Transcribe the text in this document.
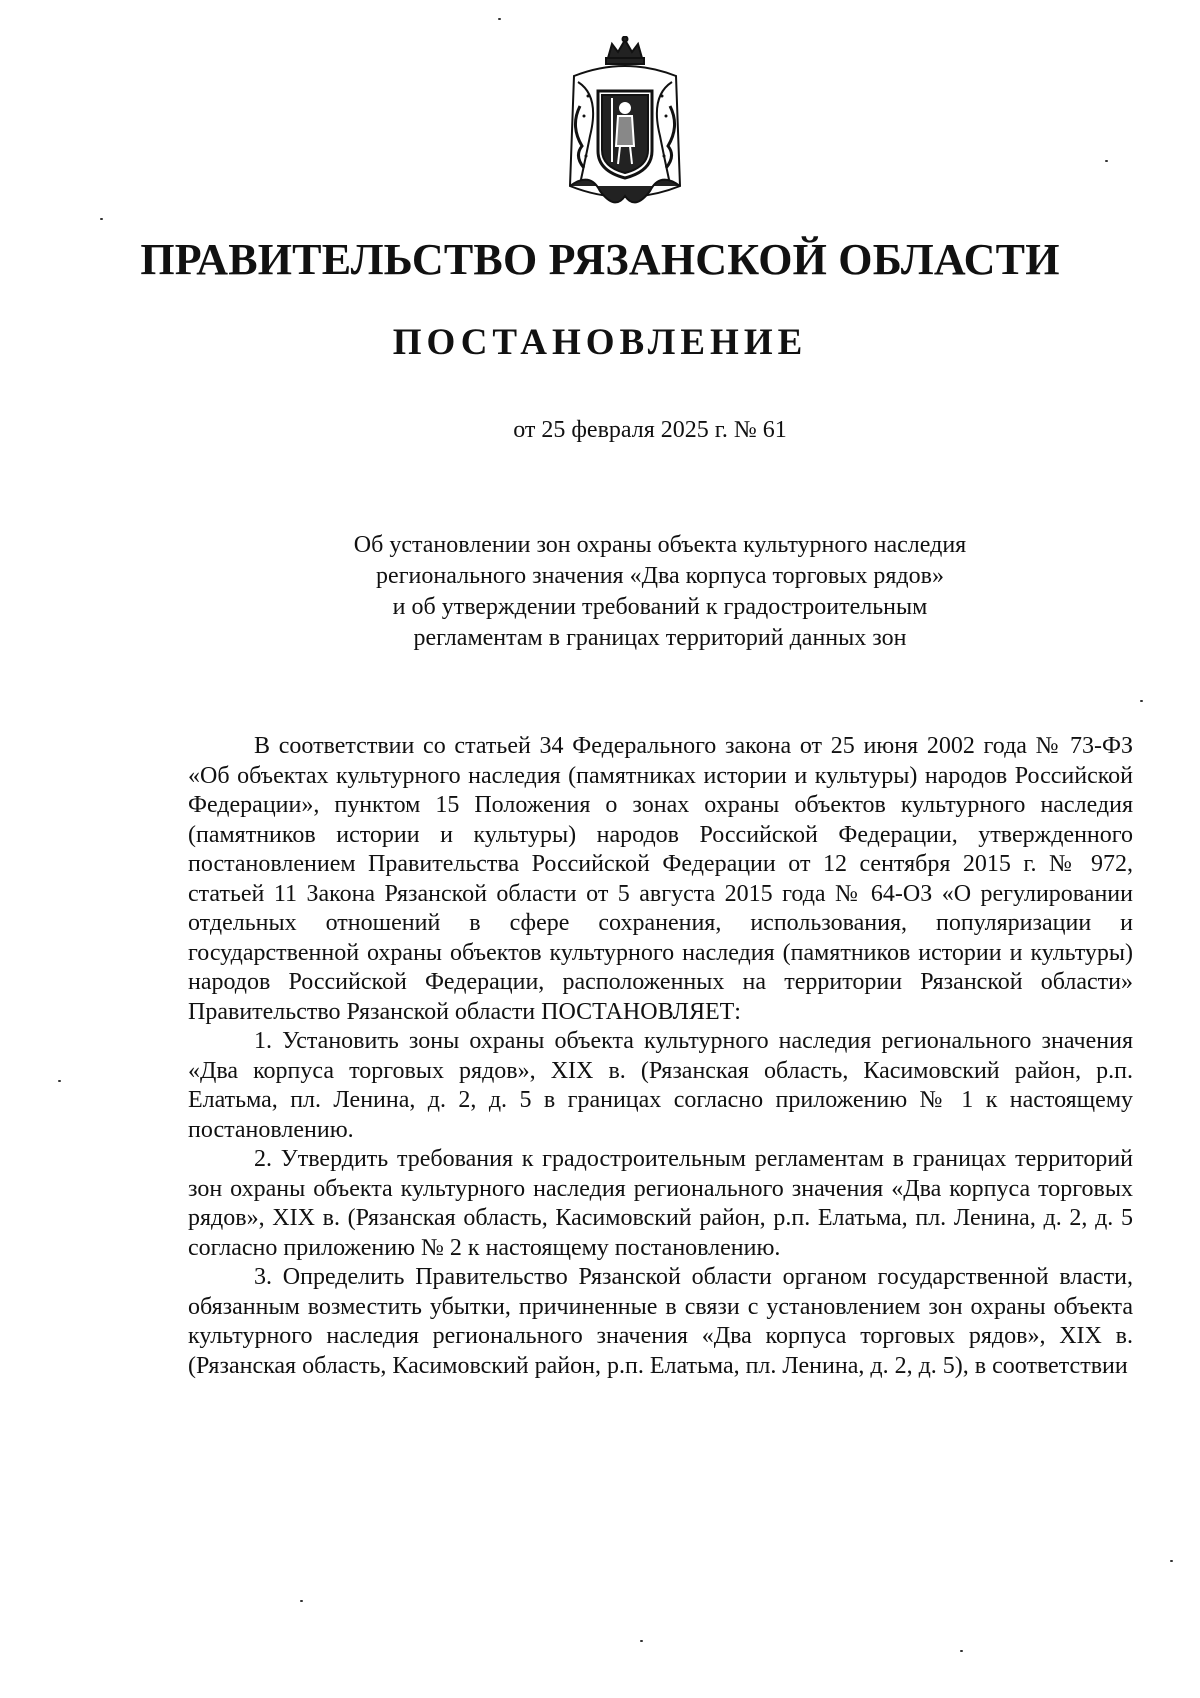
ПРАВИТЕЛЬСТВО РЯЗАНСКОЙ ОБЛАСТИ
ПОСТАНОВЛЕНИЕ
от 25 февраля 2025 г. № 61
Об установлении зон охраны объекта культурного наследия
регионального значения «Два корпуса торговых рядов»
и об утверждении требований к градостроительным
регламентам в границах территорий данных зон

В соответствии со статьей 34 Федерального закона от 25 июня 2002 года № 73-ФЗ «Об объектах культурного наследия (памятниках истории и культуры) народов Российской Федерации», пунктом 15 Положения о зонах охраны объектов культурного наследия (памятников истории и культуры) народов Российской Федерации, утвержденного постановлением Правительства Российской Федерации от 12 сентября 2015 г. № 972, статьей 11 Закона Рязанской области от 5 августа 2015 года № 64-ОЗ «О регулировании отдельных отношений в сфере сохранения, использования, популяризации и государственной охраны объектов культурного наследия (памятников истории и культуры) народов Российской Федерации, расположенных на территории Рязанской области» Правительство Рязанской области ПОСТАНОВЛЯЕТ:

1. Установить зоны охраны объекта культурного наследия регионального значения «Два корпуса торговых рядов», XIX в. (Рязанская область, Касимовский район, р.п. Елатьма, пл. Ленина, д. 2, д. 5 в границах согласно приложению № 1 к настоящему постановлению.

2. Утвердить требования к градостроительным регламентам в границах территорий зон охраны объекта культурного наследия регионального значения «Два корпуса торговых рядов», XIX в. (Рязанская область, Касимовский район, р.п. Елатьма, пл. Ленина, д. 2, д. 5 согласно приложению № 2 к настоящему постановлению.

3. Определить Правительство Рязанской области органом государственной власти, обязанным возместить убытки, причиненные в связи с установлением зон охраны объекта культурного наследия регионального значения «Два корпуса торговых рядов», XIX в. (Рязанская область, Касимовский район, р.п. Елатьма, пл. Ленина, д. 2, д. 5), в соответствии
